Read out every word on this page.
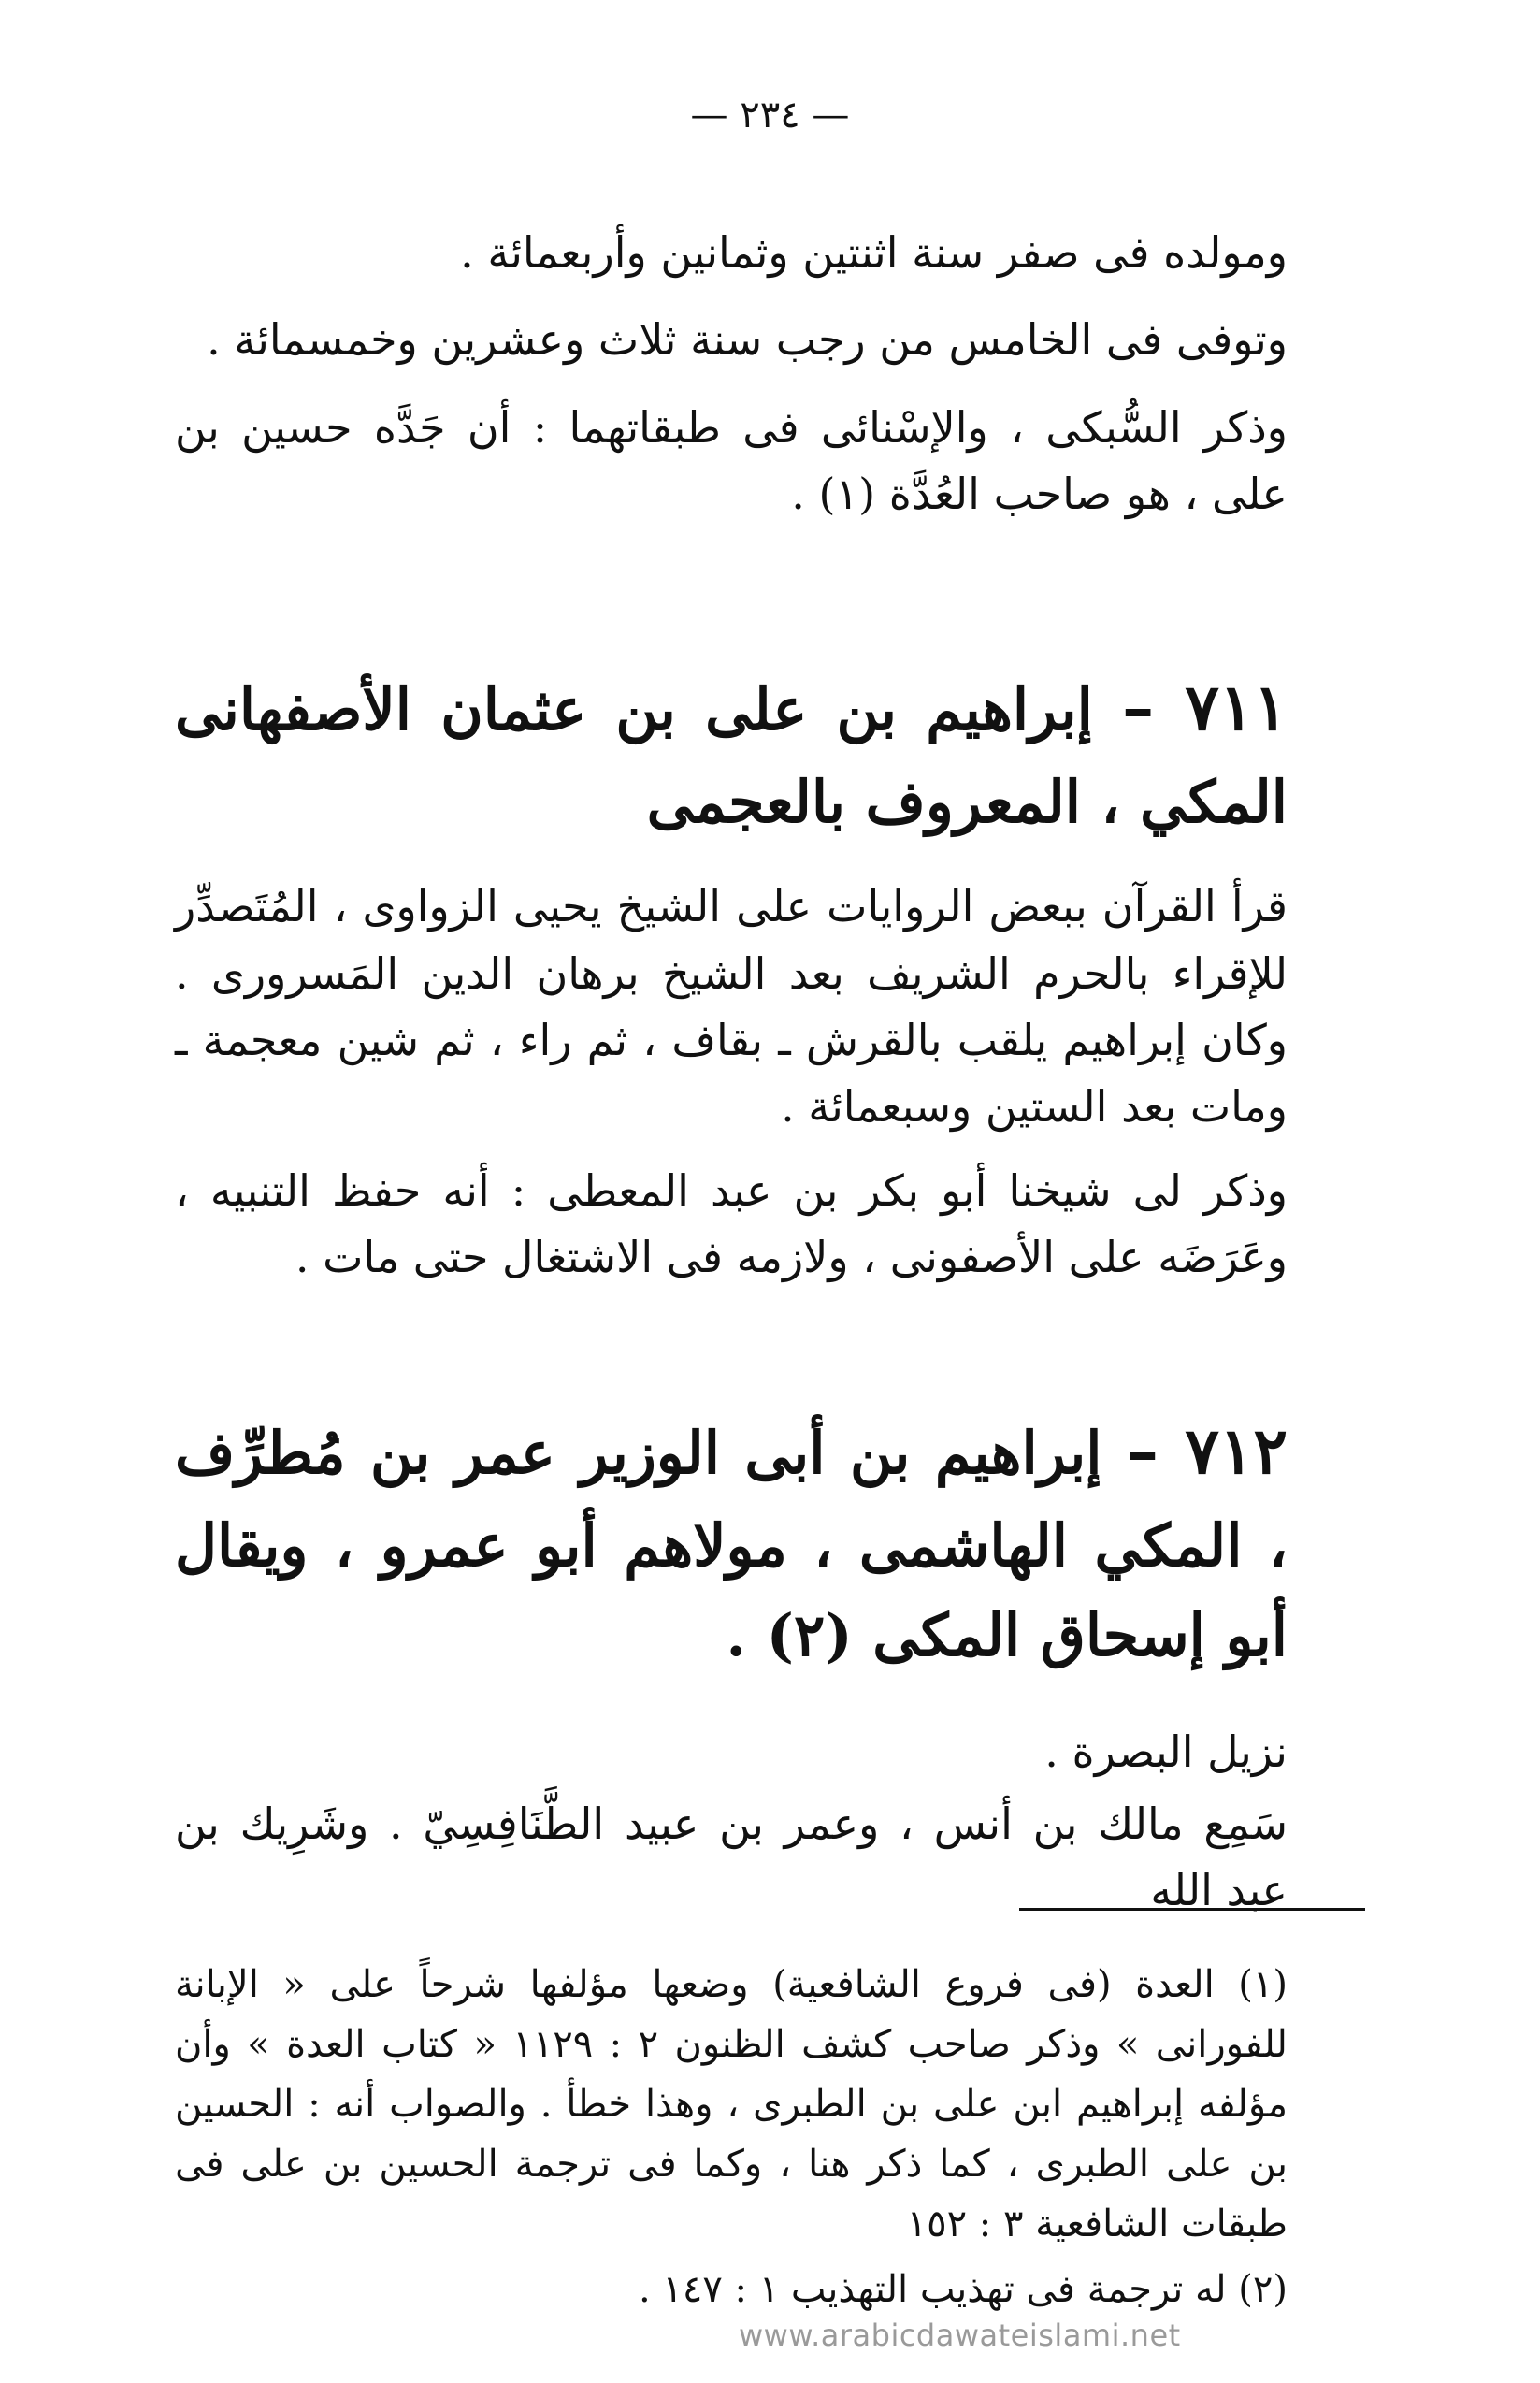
— ٢٣٤ —

ومولده فى صفر سنة اثنتين وثمانين وأربعمائة .

وتوفى فى الخامس من رجب سنة ثلاث وعشرين وخمسمائة .

وذكر السُّبكى ، والإسْنائى فى طبقاتهما : أن جَدَّه حسين بن على ، هو صاحب العُدَّة (١) .

٧١١ – إبراهيم بن على بن عثمان الأصفهانى المكي ، المعروف بالعجمى

قرأ القرآن ببعض الروايات على الشيخ يحيى الزواوى ، المُتَصدِّر للإقراء بالحرم الشريف بعد الشيخ برهان الدين المَسرورى . وكان إبراهيم يلقب بالقرش ـ بقاف ، ثم راء ، ثم شين معجمة ـ ومات بعد الستين وسبعمائة .

وذكر لى شيخنا أبو بكر بن عبد المعطى : أنه حفظ التنبيه ، وعَرَضَه على الأصفونى ، ولازمه فى الاشتغال حتى مات .

٧١٢ – إبراهيم بن أبى الوزير عمر بن مُطرِّف ، المكي الهاشمى ، مولاهم أبو عمرو ، ويقال أبو إسحاق المكى (٢) .

نزيل البصرة .

سَمِع مالك بن أنس ، وعمر بن عبيد الطَّنَافِسِيّ . وشَرِيك بن عبد الله

(١) العدة (فى فروع الشافعية) وضعها مؤلفها شرحاً على « الإبانة للفورانى » وذكر صاحب كشف الظنون ٢ : ١١٢٩ « كتاب العدة » وأن مؤلفه إبراهيم ابن على بن الطبرى ، وهذا خطأ . والصواب أنه : الحسين بن على الطبرى ، كما ذكر هنا ، وكما فى ترجمة الحسين بن على فى طبقات الشافعية ٣ : ١٥٢

(٢) له ترجمة فى تهذيب التهذيب ١ : ١٤٧ .

www.arabicdawateislami.net
